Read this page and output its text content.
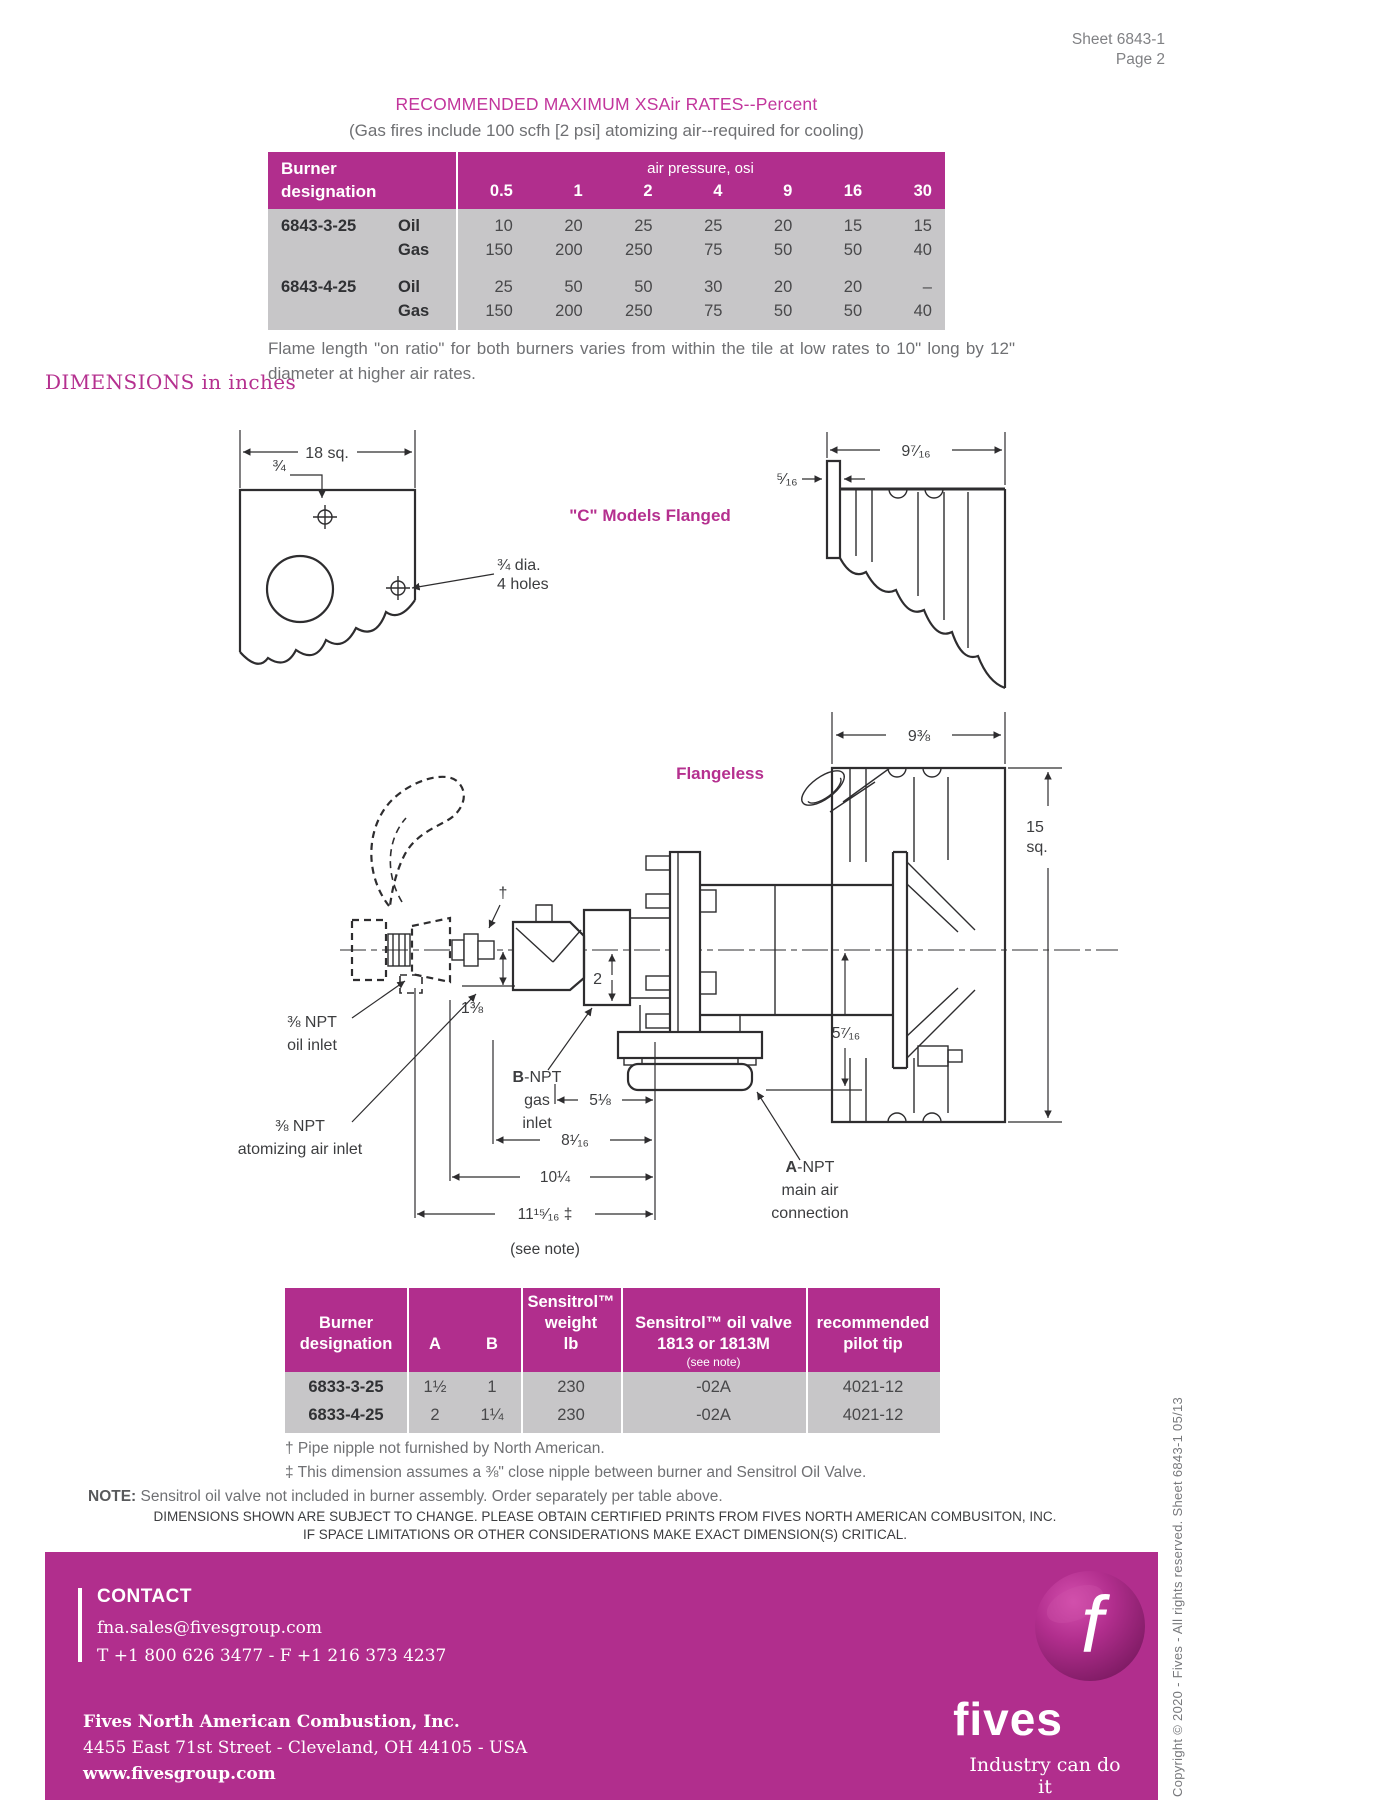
Sheet 6843-1
Page 2
RECOMMENDED MAXIMUM XSAir RATES--Percent
(Gas fires include 100 scfh [2 psi] atomizing air--required for cooling)
Burner	air pressure, osi
designation	0.5	1	2	4	9	16	30
6843-3-25	Oil	10	20	25	25	20	15	15
Gas	150	200	250	75	50	50	40
6843-4-25	Oil	25	50	50	30	20	20	–
Gas	150	200	250	75	50	50	40
Flame length "on ratio" for both burners varies from within the tile at low rates to 10" long by 12" diameter at higher air rates.
DIMENSIONS in inches
18 sq.
¾
¾ dia.
4 holes
"C" Models Flanged
9⁷⁄₁₆
⁵⁄₁₆
Flangeless
9⅜
15
sq.
†
2
1⅜
⅜ NPT
oil inlet
⅜ NPT
atomizing air inlet
B-NPT
gas
inlet
5⁷⁄₁₆
5⅛
8¹⁄₁₆
10¼
11¹⁵⁄₁₆ ‡
(see note)
A-NPT
main air
connection
Burner
designation	A	B
Sensitrol™
weight
lb
Sensitrol™ oil valve
1813 or 1813M
(see note)
recommended
pilot tip
6833-3-25	1½	1	230	-02A	4021-12
6833-4-25	2	1¼	230	-02A	4021-12
† Pipe nipple not furnished by North American.
‡ This dimension assumes a ⅜" close nipple between burner and Sensitrol Oil Valve.
NOTE: Sensitrol oil valve not included in burner assembly. Order separately per table above.
DIMENSIONS SHOWN ARE SUBJECT TO CHANGE. PLEASE OBTAIN CERTIFIED PRINTS FROM FIVES NORTH AMERICAN COMBUSITON, INC.
IF SPACE LIMITATIONS OR OTHER CONSIDERATIONS MAKE EXACT DIMENSION(S) CRITICAL.
CONTACT
fna.sales@fivesgroup.com
T +1 800 626 3477 - F +1 216 373 4237
Fives North American Combustion, Inc.
4455 East 71st Street - Cleveland, OH 44105 - USA
www.fivesgroup.com
f
fives
Industry can do it	Copyright © 2020 - Fives - All rights reserved. Sheet 6843-1 05/13
